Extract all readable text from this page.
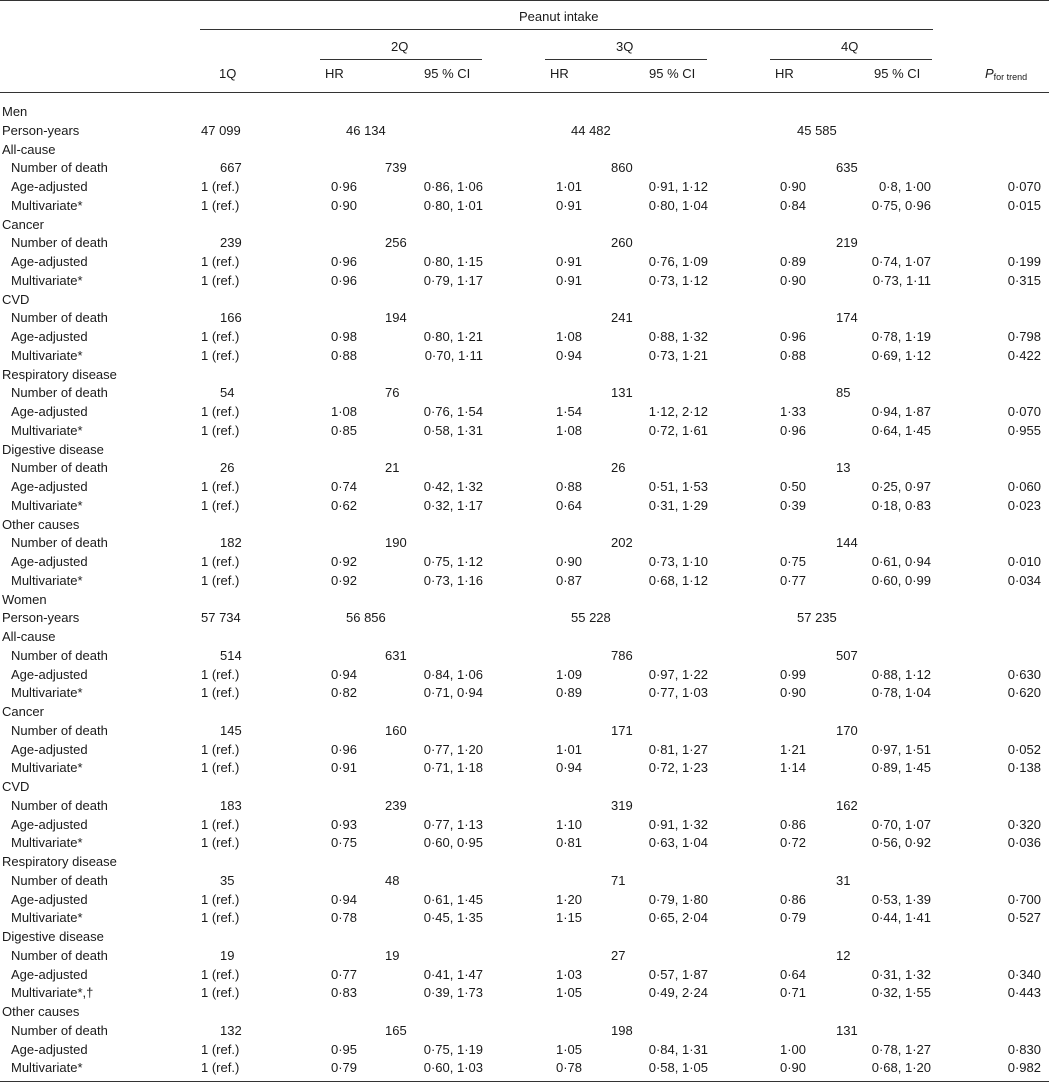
Peanut intake
2Q	3Q	4Q
1Q	HR	95 % CI	HR	95 % CI	HR	95 % CI	$P_{for trend}$
Men
Person-years	47 099	46 134	44 482	45 585
All-cause
Number of death	667	739	860	635
Age-adjusted	1 (ref.)	0·96	0·86, 1·06	1·01	0·91, 1·12	0·90	0·8, 1·00	0·070
Multivariate*	1 (ref.)	0·90	0·80, 1·01	0·91	0·80, 1·04	0·84	0·75, 0·96	0·015
Cancer
Number of death	239	256	260	219
Age-adjusted	1 (ref.)	0·96	0·80, 1·15	0·91	0·76, 1·09	0·89	0·74, 1·07	0·199
Multivariate*	1 (ref.)	0·96	0·79, 1·17	0·91	0·73, 1·12	0·90	0·73, 1·11	0·315
CVD
Number of death	166	194	241	174
Age-adjusted	1 (ref.)	0·98	0·80, 1·21	1·08	0·88, 1·32	0·96	0·78, 1·19	0·798
Multivariate*	1 (ref.)	0·88	0·70, 1·11	0·94	0·73, 1·21	0·88	0·69, 1·12	0·422
Respiratory disease
Number of death	54	76	131	85
Age-adjusted	1 (ref.)	1·08	0·76, 1·54	1·54	1·12, 2·12	1·33	0·94, 1·87	0·070
Multivariate*	1 (ref.)	0·85	0·58, 1·31	1·08	0·72, 1·61	0·96	0·64, 1·45	0·955
Digestive disease
Number of death	26	21	26	13
Age-adjusted	1 (ref.)	0·74	0·42, 1·32	0·88	0·51, 1·53	0·50	0·25, 0·97	0·060
Multivariate*	1 (ref.)	0·62	0·32, 1·17	0·64	0·31, 1·29	0·39	0·18, 0·83	0·023
Other causes
Number of death	182	190	202	144
Age-adjusted	1 (ref.)	0·92	0·75, 1·12	0·90	0·73, 1·10	0·75	0·61, 0·94	0·010
Multivariate*	1 (ref.)	0·92	0·73, 1·16	0·87	0·68, 1·12	0·77	0·60, 0·99	0·034
Women
Person-years	57 734	56 856	55 228	57 235
All-cause
Number of death	514	631	786	507
Age-adjusted	1 (ref.)	0·94	0·84, 1·06	1·09	0·97, 1·22	0·99	0·88, 1·12	0·630
Multivariate*	1 (ref.)	0·82	0·71, 0·94	0·89	0·77, 1·03	0·90	0·78, 1·04	0·620
Cancer
Number of death	145	160	171	170
Age-adjusted	1 (ref.)	0·96	0·77, 1·20	1·01	0·81, 1·27	1·21	0·97, 1·51	0·052
Multivariate*	1 (ref.)	0·91	0·71, 1·18	0·94	0·72, 1·23	1·14	0·89, 1·45	0·138
CVD
Number of death	183	239	319	162
Age-adjusted	1 (ref.)	0·93	0·77, 1·13	1·10	0·91, 1·32	0·86	0·70, 1·07	0·320
Multivariate*	1 (ref.)	0·75	0·60, 0·95	0·81	0·63, 1·04	0·72	0·56, 0·92	0·036
Respiratory disease
Number of death	35	48	71	31
Age-adjusted	1 (ref.)	0·94	0·61, 1·45	1·20	0·79, 1·80	0·86	0·53, 1·39	0·700
Multivariate*	1 (ref.)	0·78	0·45, 1·35	1·15	0·65, 2·04	0·79	0·44, 1·41	0·527
Digestive disease
Number of death	19	19	27	12
Age-adjusted	1 (ref.)	0·77	0·41, 1·47	1·03	0·57, 1·87	0·64	0·31, 1·32	0·340
Multivariate*,†	1 (ref.)	0·83	0·39, 1·73	1·05	0·49, 2·24	0·71	0·32, 1·55	0·443
Other causes
Number of death	132	165	198	131
Age-adjusted	1 (ref.)	0·95	0·75, 1·19	1·05	0·84, 1·31	1·00	0·78, 1·27	0·830
Multivariate*	1 (ref.)	0·79	0·60, 1·03	0·78	0·58, 1·05	0·90	0·68, 1·20	0·982
